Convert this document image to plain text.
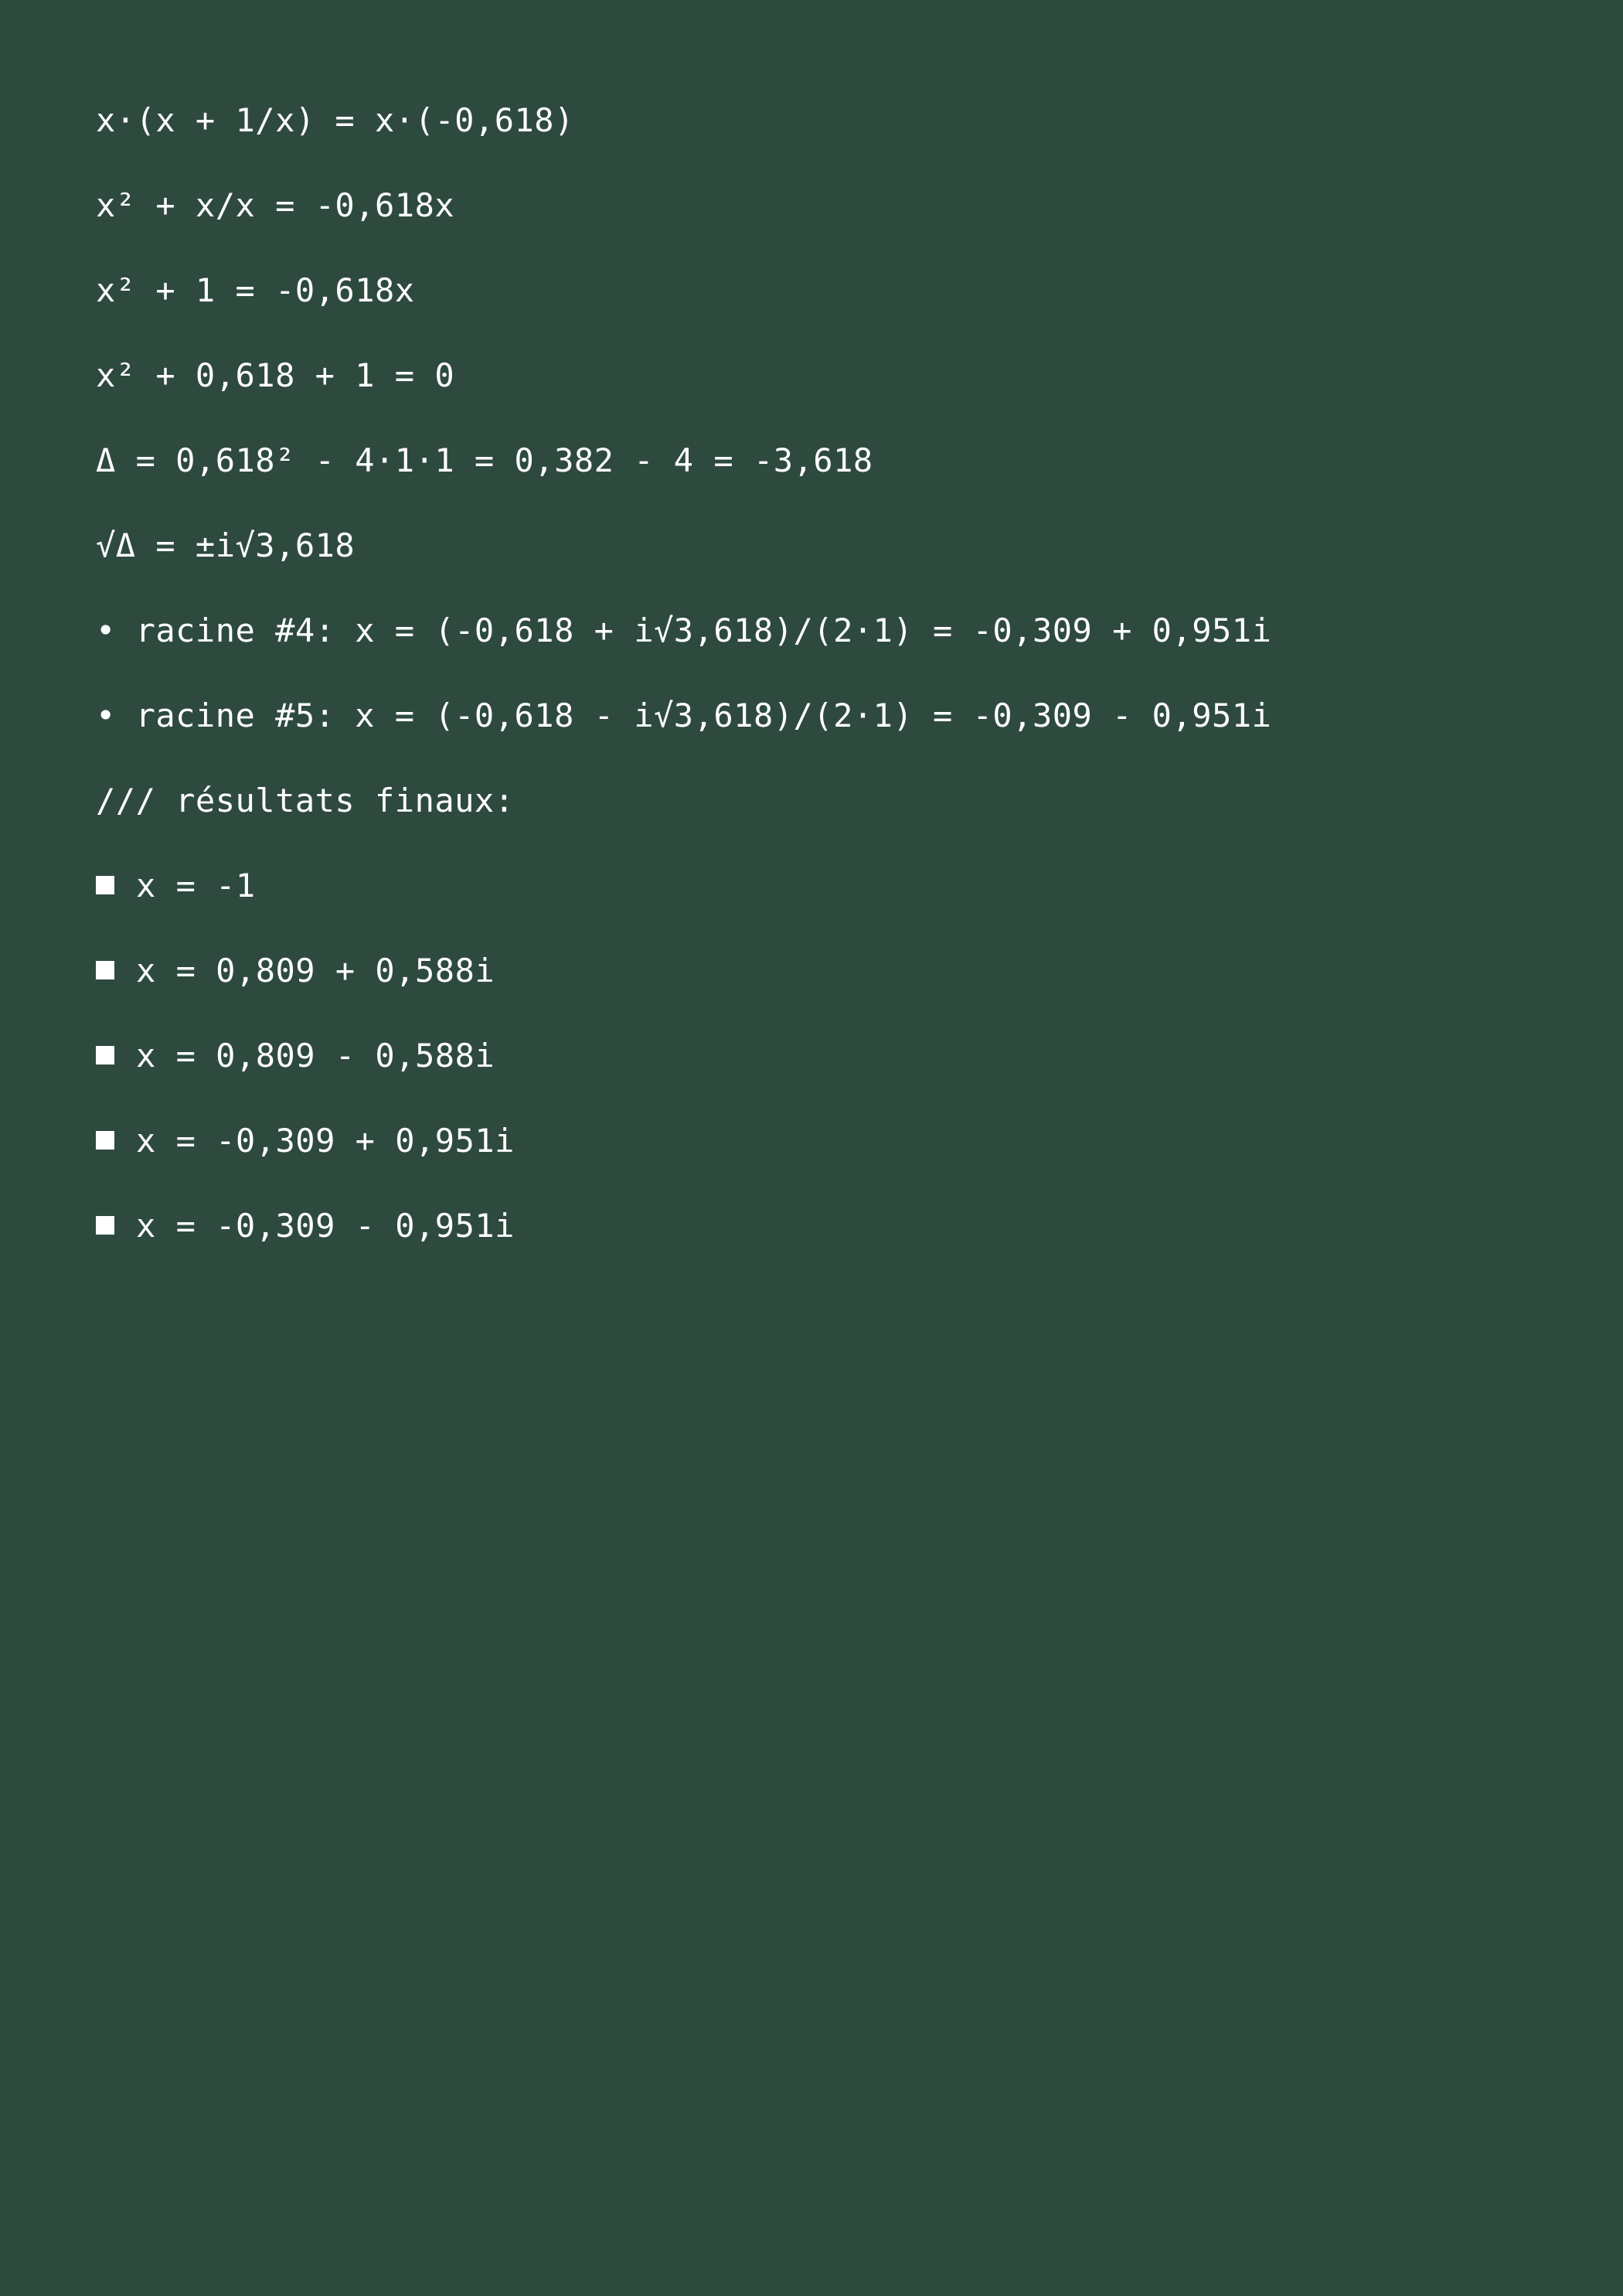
x·(x + 1/x) = x·(-0,618)
x² + x/x = -0,618x
x² + 1 = -0,618x
x² + 0,618 + 1 = 0
Δ = 0,618² - 4·1·1 = 0,382 - 4 = -3,618
√Δ = ±i√3,618
• racine #4: x = (-0,618 + i√3,618)/(2·1) = -0,309 + 0,951i
• racine #5: x = (-0,618 - i√3,618)/(2·1) = -0,309 - 0,951i
/// résultats finaux:
x = -1
x = 0,809 + 0,588i
x = 0,809 - 0,588i
x = -0,309 + 0,951i
x = -0,309 - 0,951i
